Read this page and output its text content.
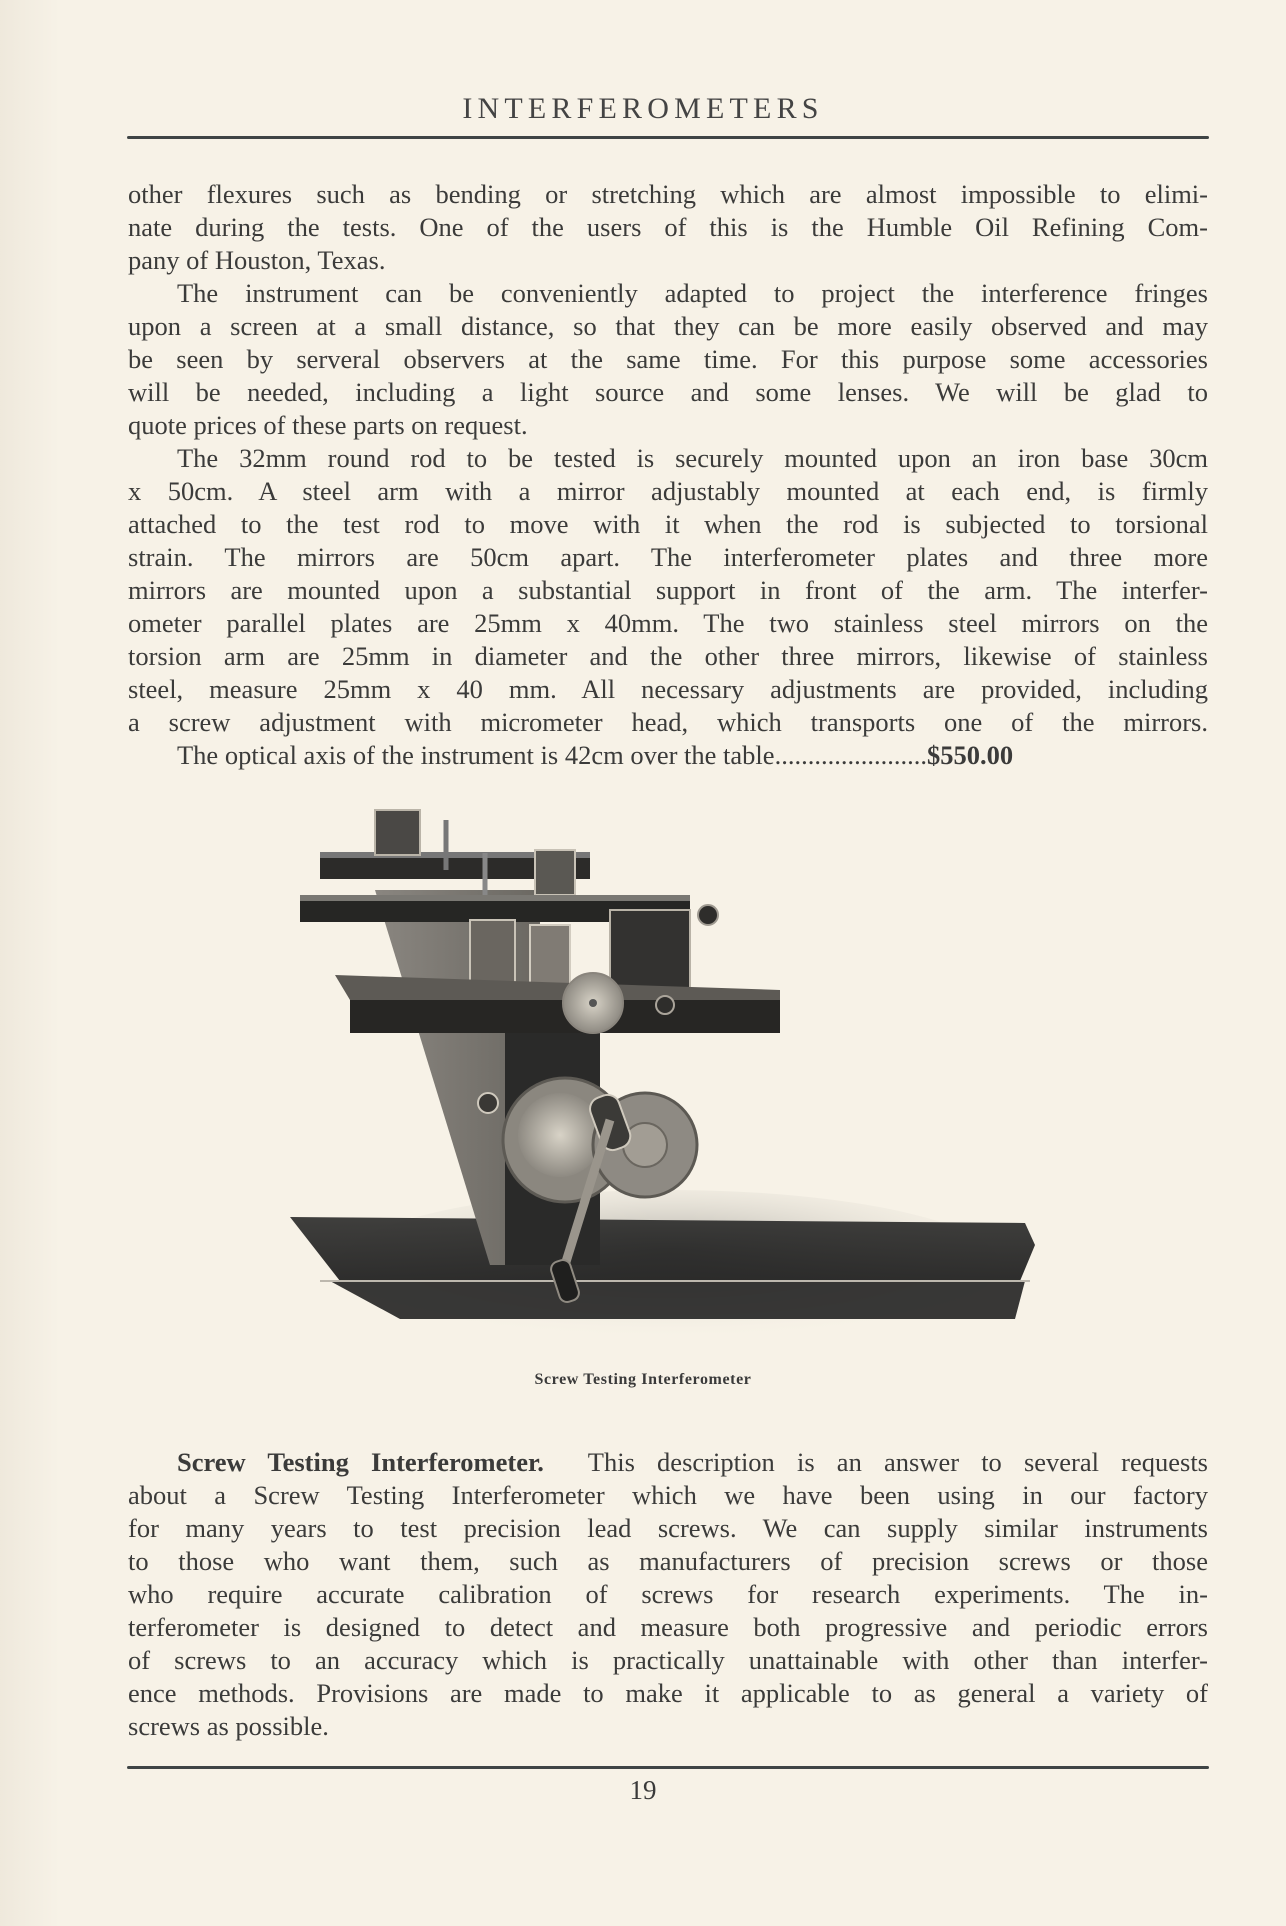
INTERFEROMETERS
other flexures such as bending or stretching which are almost impossible to elimi-
nate during the tests. One of the users of this is the Humble Oil Refining Com-
pany of Houston, Texas.
The instrument can be conveniently adapted to project the interference fringes
upon a screen at a small distance, so that they can be more easily observed and may
be seen by serveral observers at the same time. For this purpose some accessories
will be needed, including a light source and some lenses. We will be glad to
quote prices of these parts on request.
The 32mm round rod to be tested is securely mounted upon an iron base 30cm
x 50cm. A steel arm with a mirror adjustably mounted at each end, is firmly
attached to the test rod to move with it when the rod is subjected to torsional
strain. The mirrors are 50cm apart. The interferometer plates and three more
mirrors are mounted upon a substantial support in front of the arm. The interfer-
ometer parallel plates are 25mm x 40mm. The two stainless steel mirrors on the
torsion arm are 25mm in diameter and the other three mirrors, likewise of stainless
steel, measure 25mm x 40 mm. All necessary adjustments are provided, including
a screw adjustment with micrometer head, which transports one of the mirrors.
The optical axis of the instrument is 42cm over the table.......................$550.00
Screw Testing Interferometer
Screw Testing Interferometer. This description is an answer to several requests
about a Screw Testing Interferometer which we have been using in our factory
for many years to test precision lead screws. We can supply similar instruments
to those who want them, such as manufacturers of precision screws or those
who require accurate calibration of screws for research experiments. The in-
terferometer is designed to detect and measure both progressive and periodic errors
of screws to an accuracy which is practically unattainable with other than interfer-
ence methods. Provisions are made to make it applicable to as general a variety of
screws as possible.
19
